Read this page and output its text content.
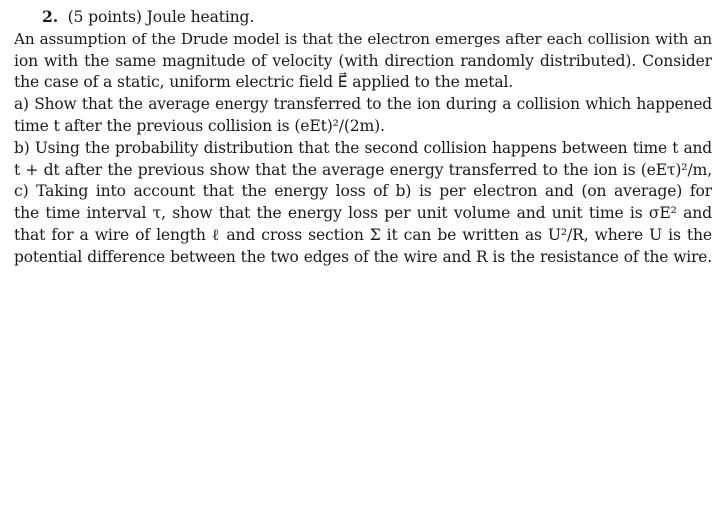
2. (5 points) Joule heating.
An assumption of the Drude model is that the electron emerges after each collision with an
ion with the same magnitude of velocity (with direction randomly distributed). Consider
the case of a static, uniform electric field E⃗ applied to the metal.
a) Show that the average energy transferred to the ion during a collision which happened
time t after the previous collision is (eEt)²/(2m).
b) Using the probability distribution that the second collision happens between time t and
t + dt after the previous show that the average energy transferred to the ion is (eEτ)²/m,
c) Taking into account that the energy loss of b) is per electron and (on average) for
the time interval τ, show that the energy loss per unit volume and unit time is σE² and
that for a wire of length ℓ and cross section Σ it can be written as U²/R, where U is the
potential difference between the two edges of the wire and R is the resistance of the wire.
